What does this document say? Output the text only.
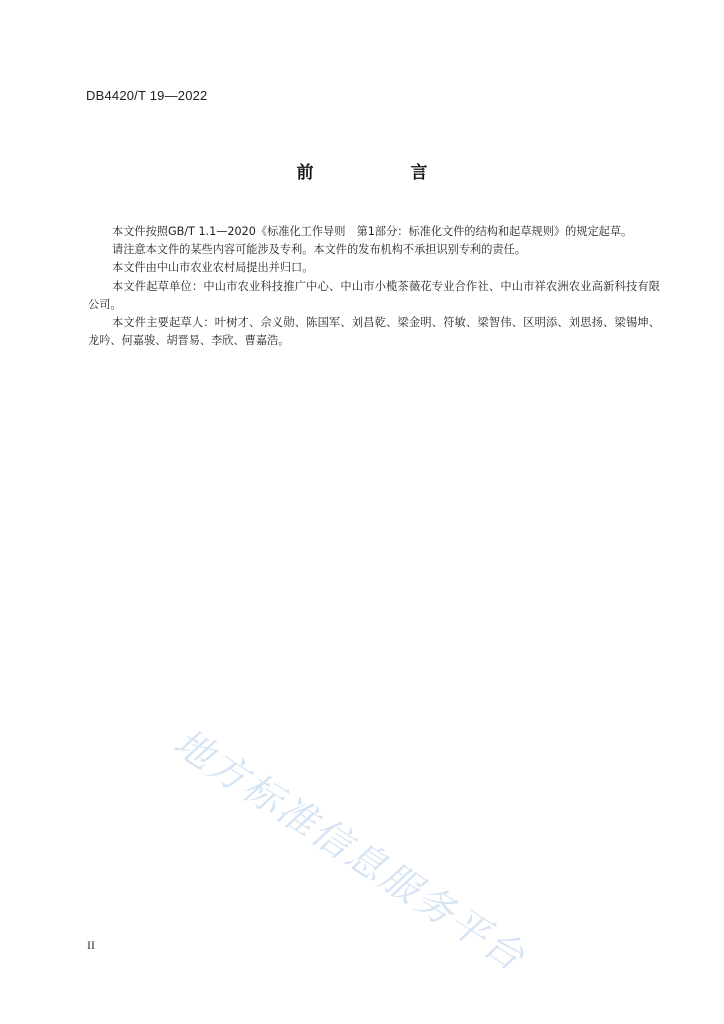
DB4420/T 19—2022
前　言

本文件按照GB/T 1.1—2020《标准化工作导则　第1部分：标准化文件的结构和起草规则》的规定起草。

请注意本文件的某些内容可能涉及专利。本文件的发布机构不承担识别专利的责任。

本文件由中山市农业农村局提出并归口。

本文件起草单位：中山市农业科技推广中心、中山市小榄茶薇花专业合作社、中山市祥农洲农业高新科技有限公司。

本文件主要起草人：叶树才、佘义勋、陈国军、刘昌乾、梁金明、符敏、梁智伟、区明添、刘思扬、梁锡坤、龙吟、何嘉骏、胡晋易、李欣、曹嘉浩。

地方标准信息服务平台
II
